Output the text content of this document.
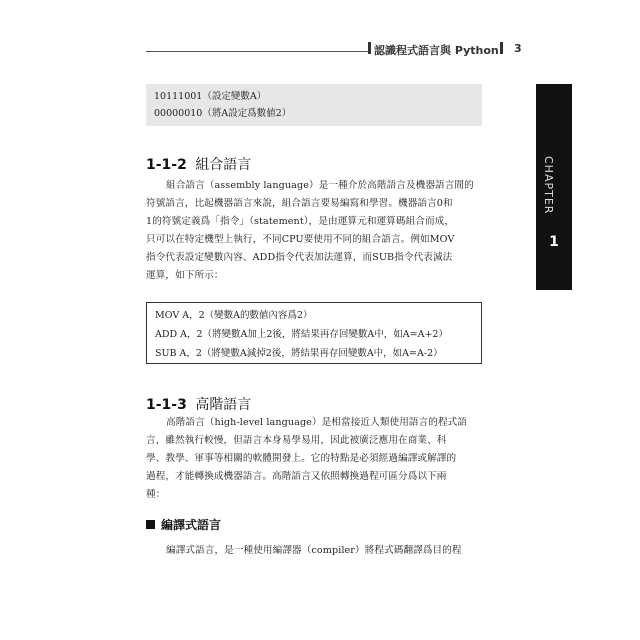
認識程式語言與 Python 3
CHAPTER
1
10111001（設定變數A）
00000010（將A設定爲數値2）
1-1-2 組合語言
組合語言（assembly language）是一種介於高階語言及機器語言間的
符號語言，比起機器語言來說，組合語言要易編寫和學習。機器語言0和
1的符號定義爲「指令」（statement），是由運算元和運算碼組合而成，
只可以在特定機型上執行，不同CPU要使用不同的組合語言。例如MOV
指令代表設定變數內容、ADD指令代表加法運算，而SUB指令代表減法
運算，如下所示：
MOV A，2（變數A的數値內容爲2）
ADD A，2（將變數A加上2後，將結果再存回變數A中，如A=A+2）
SUB A，2（將變數A減掉2後，將結果再存回變數A中，如A=A-2）
1-1-3 高階語言
高階語言（high-level language）是相當接近人類使用語言的程式語
言，雖然執行較慢，但語言本身易學易用，因此被廣泛應用在商業、科
學、教學、軍事等相關的軟體開發上。它的特點是必須經過編譯或解譯的
過程，才能轉換成機器語言。高階語言又依照轉換過程可區分爲以下兩
種：
編譯式語言
編譯式語言，是一種使用編譯器（compiler）將程式碼翻譯爲目的程
